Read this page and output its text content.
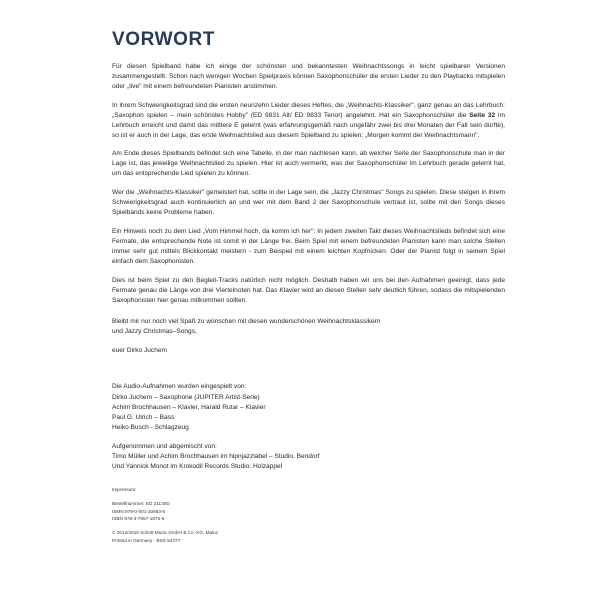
VORWORT

Für diesen Spielband habe ich einige der schönsten und bekanntesten Weihnachtssongs in leicht spielbaren Versionen zusammengestellt. Schon nach wenigen Wochen Spielpraxis können Saxophonschüler die ersten Lieder zu den Playbacks mitspielen oder „live" mit einem befreundeten Pianisten anstimmen.

In ihrem Schwierigkeitsgrad sind die ersten neunzehn Lieder dieses Heftes, die „Weihnachts-Klassiker", ganz genau an das Lehrbuch: „Saxophon spielen – mein schönstes Hobby" (ED 9831 Alt/ ED 9833 Tenor) angelehnt. Hat ein Saxophonschüler die Seite 32 im Lehrbuch erreicht und damit das mittlere E gelernt (was erfahrungsgemäß nach ungefähr zwei bis drei Monaten der Fall sein dürfte), so ist er auch in der Lage, das erste Weihnachtslied aus diesem Spielband zu spielen: „Morgen kommt der Weihnachtsmann".

Am Ende dieses Spielbands befindet sich eine Tabelle, in der man nachlesen kann, ab welcher Seite der Saxophonschule man in der Lage ist, das jeweilige Weihnachtslied zu spielen. Hier ist auch vermerkt, was der Saxophonschüler im Lehrbuch gerade gelernt hat, um das entsprechende Lied spielen zu können.

Wer die „Weihnachts-Klassiker" gemeistert hat, sollte in der Lage sein, die „Jazzy Christmas" Songs zu spielen. Diese steigen in ihrem Schwierigkeitsgrad auch kontinuierlich an und wer mit dem Band 2 der Saxophonschule vertraut ist, sollte mit den Songs dieses Spielbands keine Probleme haben.

Ein Hinweis noch zu dem Lied „Vom Himmel hoch, da komm ich her": In jedem zweiten Takt dieses Weihnachtslieds befindet sich eine Fermate, die entsprechende Note ist somit in der Länge frei. Beim Spiel mit einem befreundeten Pianisten kann man solche Stellen immer sehr gut mittels Blickkontakt meistern - zum Beispiel mit einem leichten Kopfnicken. Oder der Pianist folgt in seinem Spiel einfach dem Saxophonisten.

Dies ist beim Spiel zu den Begleit-Tracks natürlich nicht möglich. Deshalb haben wir uns bei den Aufnahmen geeinigt, dass jede Fermate genau die Länge von drei Viertelnoten hat. Das Klavier wird an diesen Stellen sehr deutlich führen, sodass die mitspielenden Saxophonisten hier genau mitkommen sollten.

Bleibt mir nur noch viel Spaß zu wünschen mit diesen wunderschönen Weihnachtsklassikern

und Jazzy Christmas–Songs,

euer Dirko Juchem
Die Audio-Aufnahmen wurden eingespielt von:
Dirko Juchem – Saxophone (JUPITER Artist-Serie)
Achim Brochhausen – Klavier, Harald Rutar – Klavier
Paul G. Ulrich – Bass
Heiko Busch - Schlagzeug
Aufgenommen und abgemischt von:
Timo Müller und Achim Brochhausen im hipnjazzlabel – Studio, Bendorf
Und Yannick Monot im Krokodil Records Studio, Holzappel
Impressum:
Bestellnummer: ED 21130D
ISMN 979-0-001-20863-5
ISBN 978-3-7957-1875-6
© 2012/2019 Schott Music GmbH & Co. KG, Mainz
Printed in Germany · BSS 54377
